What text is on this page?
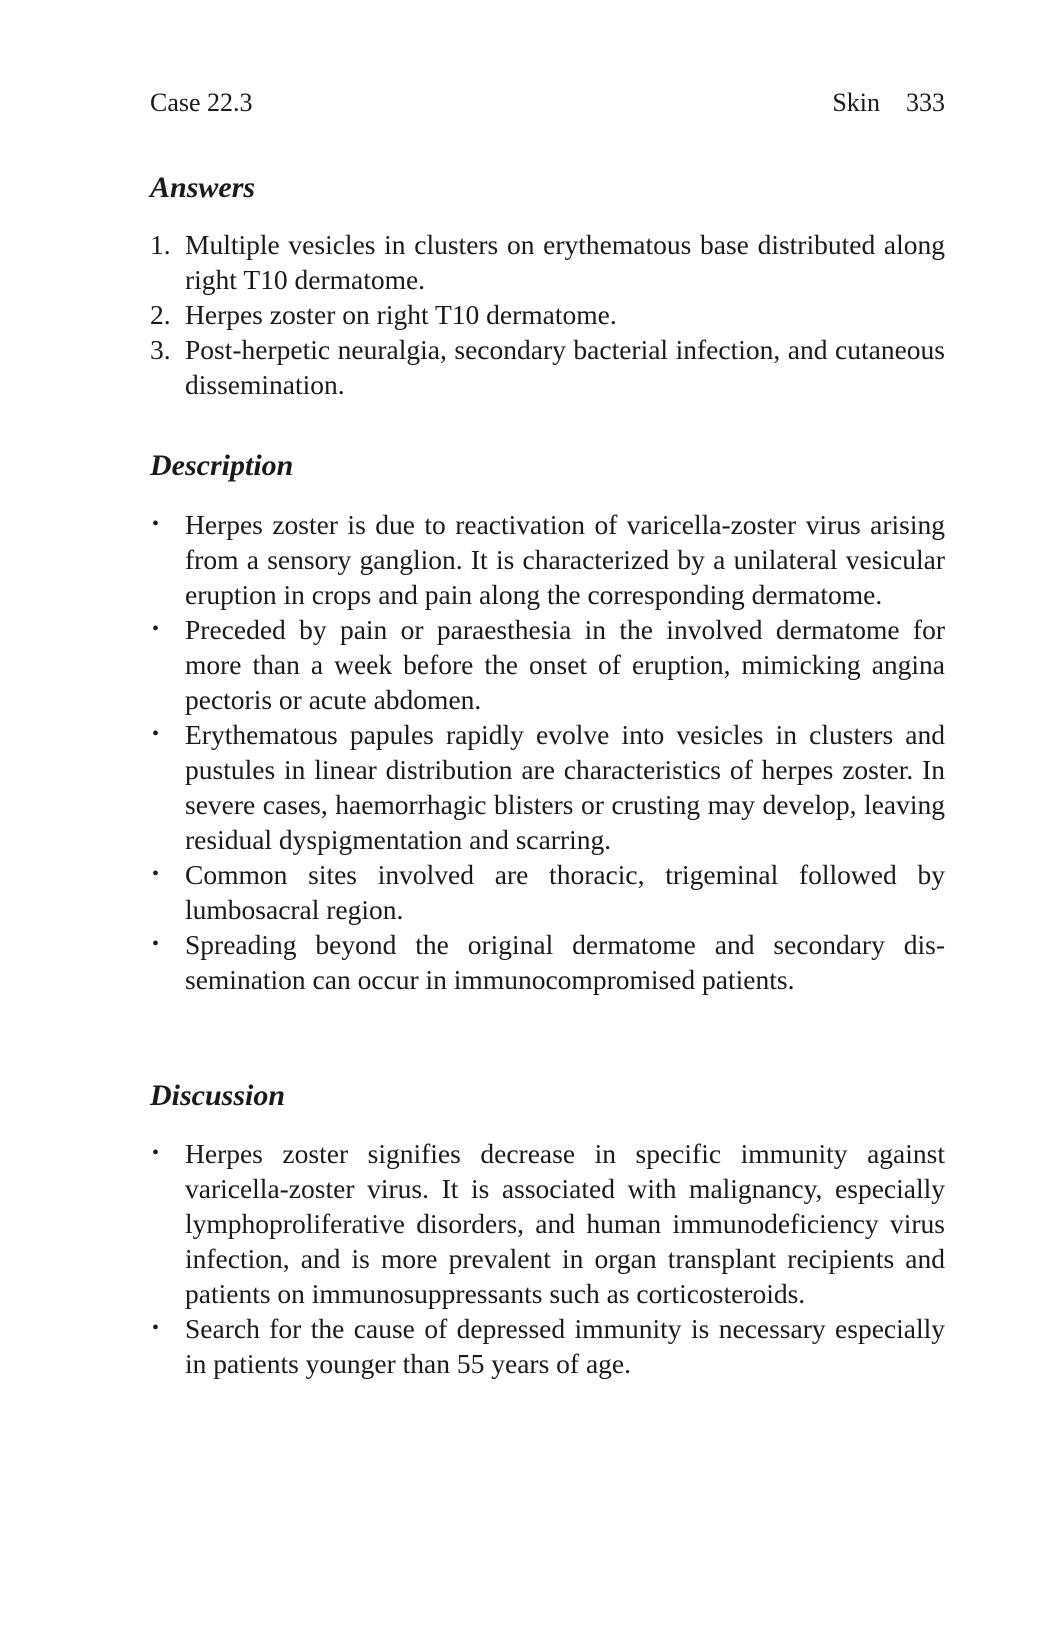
Case 22.3	Skin 333
Answers
1. Multiple vesicles in clusters on erythematous base distributed along right T10 dermatome.
2. Herpes zoster on right T10 dermatome.
3. Post-herpetic neuralgia, secondary bacterial infection, and cutaneous dissemination.
Description
• Herpes zoster is due to reactivation of varicella-zoster virus arising from a sensory ganglion. It is characterized by a unilateral vesicular eruption in crops and pain along the corresponding dermatome.
• Preceded by pain or paraesthesia in the involved dermatome for more than a week before the onset of eruption, mimicking angina pectoris or acute abdomen.
• Erythematous papules rapidly evolve into vesicles in clusters and pustules in linear distribution are characteristics of herpes zoster. In severe cases, haemorrhagic blisters or crusting may develop, leaving residual dyspigmentation and scarring.
• Common sites involved are thoracic, trigeminal followed by lumbosacral region.
• Spreading beyond the original dermatome and secondary dissemination can occur in immunocompromised patients.
Discussion
• Herpes zoster signifies decrease in specific immunity against varicella-zoster virus. It is associated with malignancy, especially lymphoproliferative disorders, and human immunodeficiency virus infection, and is more prevalent in organ transplant recipients and patients on immunosuppressants such as corticosteroids.
• Search for the cause of depressed immunity is necessary especially in patients younger than 55 years of age.
